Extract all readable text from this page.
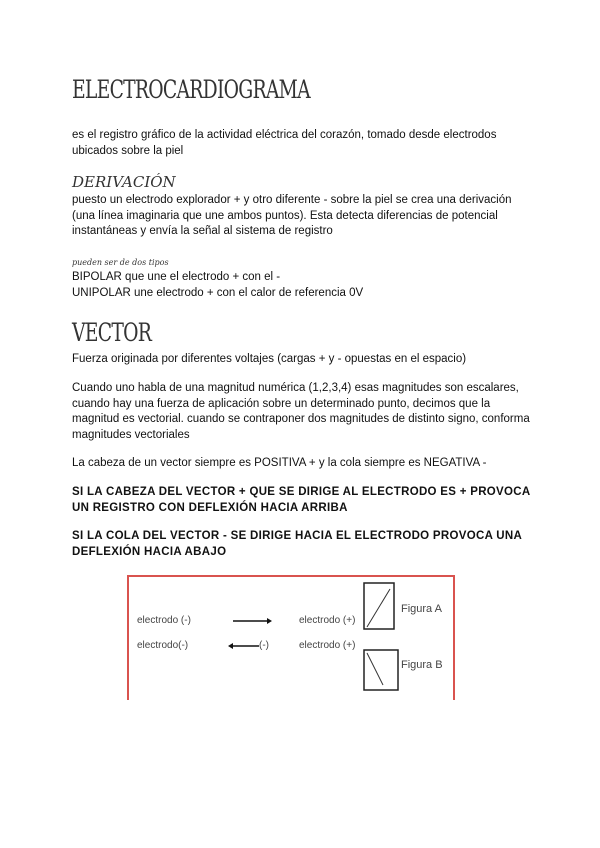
ELECTROCARDIOGRAMA
es el registro gráfico de la actividad eléctrica del corazón, tomado desde electrodos ubicados sobre la piel
DERIVACIÓN
puesto un electrodo explorador + y otro diferente - sobre la piel se crea una derivación (una línea imaginaria que une ambos puntos). Esta detecta diferencias de potencial instantáneas y envía la señal al sistema de registro
pueden ser de dos tipos
BIPOLAR que une el electrodo + con el -
UNIPOLAR une electrodo + con el calor de referencia 0V
VECTOR
Fuerza originada por diferentes voltajes (cargas + y - opuestas en el espacio)
Cuando uno habla de una magnitud numérica (1,2,3,4) esas magnitudes son escalares, cuando hay una fuerza de aplicación sobre un determinado punto, decimos que la magnitud es vectorial. cuando se contraponer dos magnitudes de distinto signo, conforma magnitudes vectoriales
La cabeza de un vector siempre es POSITIVA + y la cola siempre es NEGATIVA -
SI LA CABEZA DEL VECTOR + QUE SE DIRIGE AL ELECTRODO ES + PROVOCA UN REGISTRO CON DEFLEXIÓN HACIA ARRIBA
SI LA COLA DEL VECTOR - SE DIRIGE HACIA EL ELECTRODO PROVOCA UNA DEFLEXIÓN HACIA ABAJO
electrodo (-)
electrodo(-)
electrodo (+)
electrodo (+)
(-)
Figura A
Figura B
